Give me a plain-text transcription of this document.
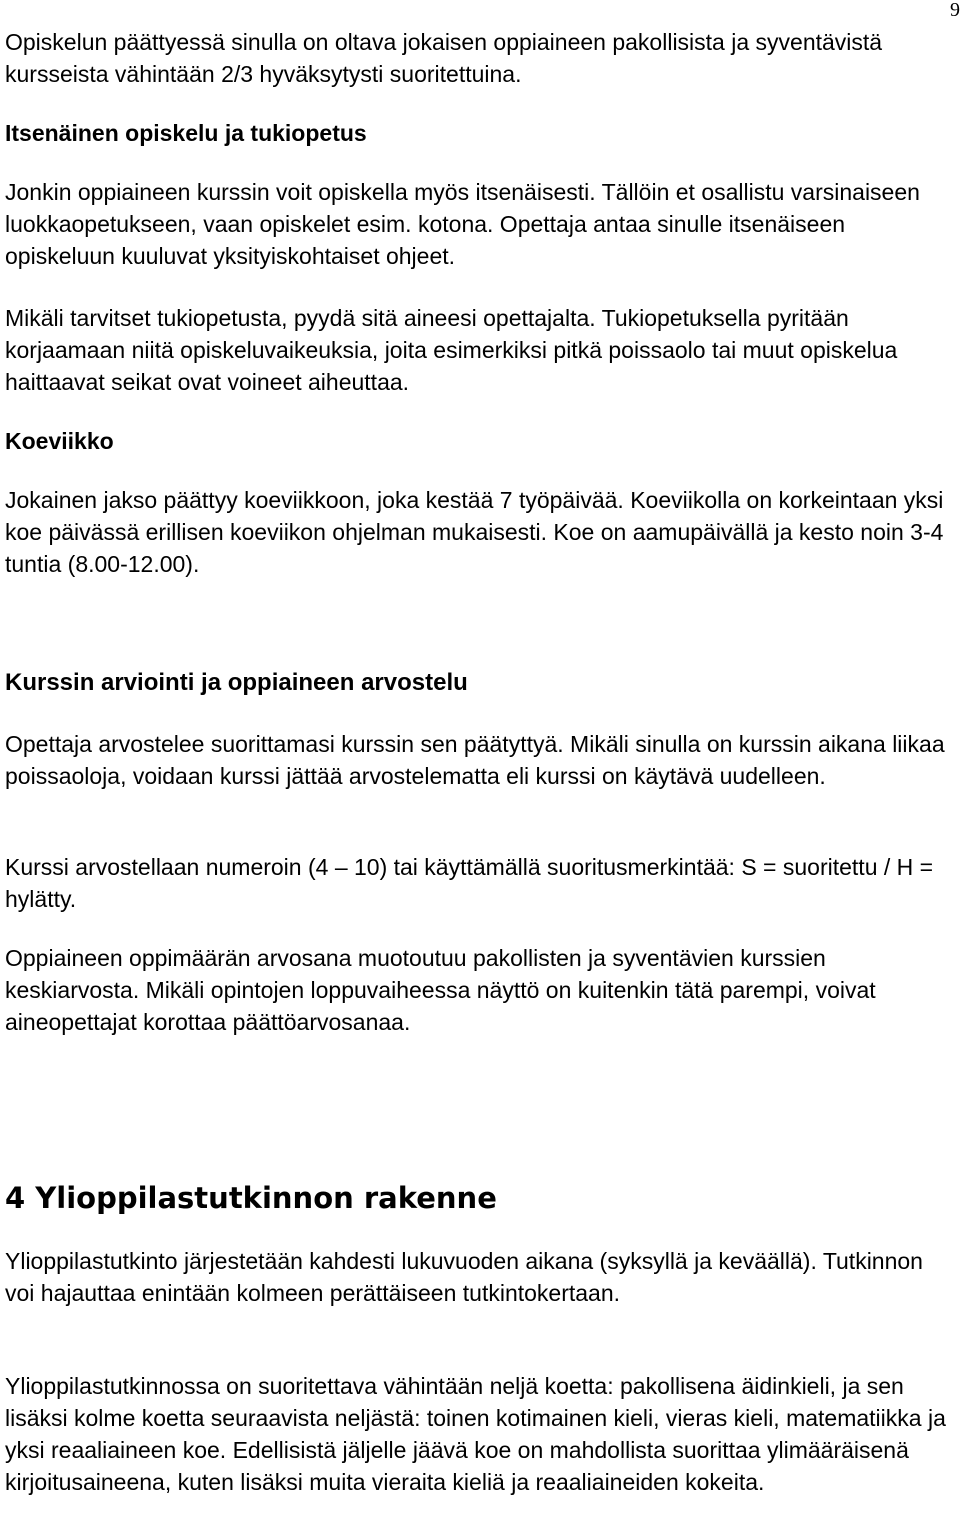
9

Opiskelun päättyessä sinulla on oltava jokaisen oppiaineen pakollisista ja syventävistä kursseista vähintään 2/3 hyväksytysti suoritettuina.

Itsenäinen opiskelu ja tukiopetus

Jonkin oppiaineen kurssin voit opiskella myös itsenäisesti. Tällöin et osallistu varsinaiseen luokkaopetukseen, vaan opiskelet esim. kotona. Opettaja antaa sinulle itsenäiseen opiskeluun kuuluvat yksityiskohtaiset ohjeet.

Mikäli tarvitset tukiopetusta, pyydä sitä aineesi opettajalta. Tukiopetuksella pyritään korjaamaan niitä opiskeluvaikeuksia, joita esimerkiksi pitkä poissaolo tai muut opiskelua haittaavat seikat ovat voineet aiheuttaa.

Koeviikko

Jokainen jakso päättyy koeviikkoon, joka kestää 7 työpäivää. Koeviikolla on korkeintaan yksi koe päivässä erillisen koeviikon ohjelman mukaisesti. Koe on aamupäivällä ja kesto noin 3-4 tuntia (8.00-12.00).

Kurssin arviointi ja oppiaineen arvostelu

Opettaja arvostelee suorittamasi kurssin sen päätyttyä. Mikäli sinulla on kurssin aikana liikaa poissaoloja, voidaan kurssi jättää arvostelematta eli kurssi on käytävä uudelleen.

Kurssi arvostellaan numeroin (4 – 10) tai käyttämällä suoritusmerkintää: S = suoritettu / H = hylätty.

Oppiaineen oppimäärän arvosana muotoutuu pakollisten ja syventävien kurssien keskiarvosta. Mikäli opintojen loppuvaiheessa näyttö on kuitenkin tätä parempi, voivat aineopettajat korottaa päättöarvosanaa.

4 Ylioppilastutkinnon rakenne

Ylioppilastutkinto järjestetään kahdesti lukuvuoden aikana (syksyllä ja keväällä). Tutkinnon voi hajauttaa enintään kolmeen perättäiseen tutkintokertaan.

Ylioppilastutkinnossa on suoritettava vähintään neljä koetta: pakollisena äidinkieli, ja sen lisäksi kolme koetta seuraavista neljästä: toinen kotimainen kieli, vieras kieli, matematiikka ja yksi reaaliaineen koe. Edellisistä jäljelle jäävä koe on mahdollista suorittaa ylimääräisenä kirjoitusaineena, kuten lisäksi muita vieraita kieliä ja reaaliaineiden kokeita.
